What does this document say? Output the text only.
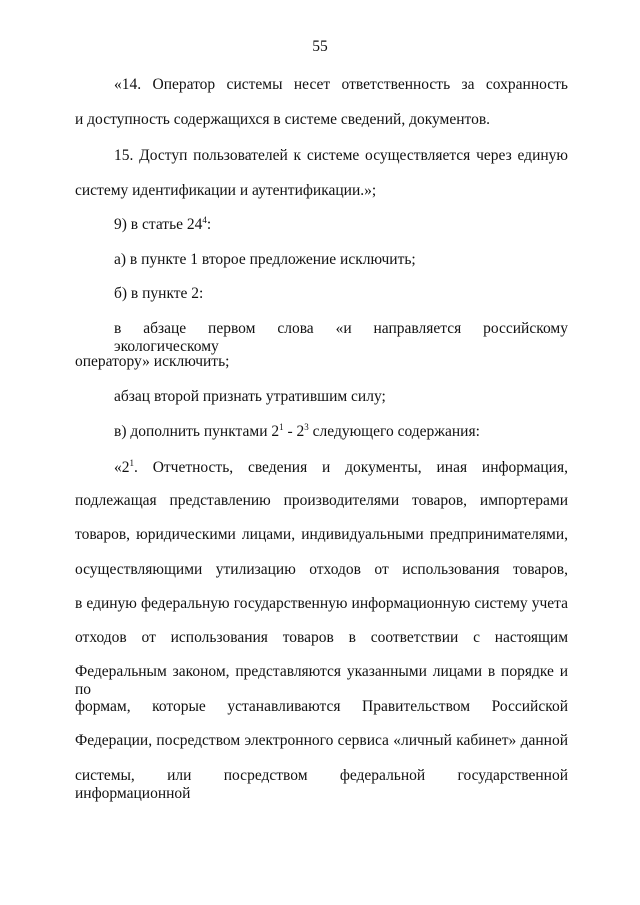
55
«14. Оператор системы несет ответственность за сохранность
и доступность содержащихся в системе сведений, документов.
15. Доступ пользователей к системе осуществляется через единую
систему идентификации и аутентификации.»;
9) в статье $24^4$:
а) в пункте 1 второе предложение исключить;
б) в пункте 2:
в абзаце первом слова «и направляется российскому экологическому
оператору» исключить;
абзац второй признать утратившим силу;
в) дополнить пунктами $2^1 - 2^3$ следующего содержания:
«$2^1$. Отчетность, сведения и документы, иная информация,
подлежащая представлению производителями товаров, импортерами
товаров, юридическими лицами, индивидуальными предпринимателями,
осуществляющими утилизацию отходов от использования товаров,
в единую федеральную государственную информационную систему учета
отходов от использования товаров в соответствии с настоящим
Федеральным законом, представляются указанными лицами в порядке и по
формам, которые устанавливаются Правительством Российской
Федерации, посредством электронного сервиса «личный кабинет» данной
системы, или посредством федеральной государственной информационной
